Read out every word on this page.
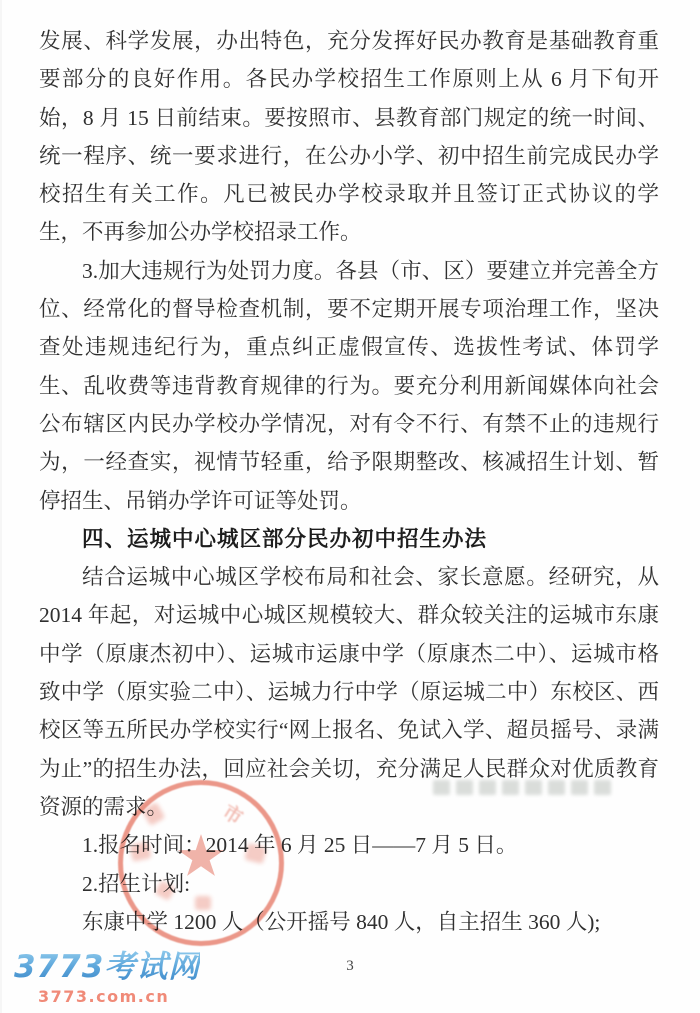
发展、科学发展，办出特色，充分发挥好民办教育是基础教育重要部分的良好作用。各民办学校招生工作原则上从 6 月下旬开始，8 月 15 日前结束。要按照市、县教育部门规定的统一时间、统一程序、统一要求进行，在公办小学、初中招生前完成民办学校招生有关工作。凡已被民办学校录取并且签订正式协议的学生，不再参加公办学校招录工作。

3.加大违规行为处罚力度。各县（市、区）要建立并完善全方位、经常化的督导检查机制，要不定期开展专项治理工作，坚决查处违规违纪行为，重点纠正虚假宣传、选拔性考试、体罚学生、乱收费等违背教育规律的行为。要充分利用新闻媒体向社会公布辖区内民办学校办学情况，对有令不行、有禁不止的违规行为，一经查实，视情节轻重，给予限期整改、核减招生计划、暂停招生、吊销办学许可证等处罚。

四、运城中心城区部分民办初中招生办法

结合运城中心城区学校布局和社会、家长意愿。经研究，从 2014 年起，对运城中心城区规模较大、群众较关注的运城市东康中学（原康杰初中）、运城市运康中学（原康杰二中）、运城市格致中学（原实验二中）、运城力行中学（原运城二中）东校区、西校区等五所民办学校实行“网上报名、免试入学、超员摇号、录满为止”的招生办法，回应社会关切，充分满足人民群众对优质教育资源的需求。

1.报名时间：2014 年 6 月 25 日——7 月 5 日。

2.招生计划:

东康中学 1200 人（公开摇号 840 人，自主招生 360 人);

市
3773考试网
3773.com.cn
3
